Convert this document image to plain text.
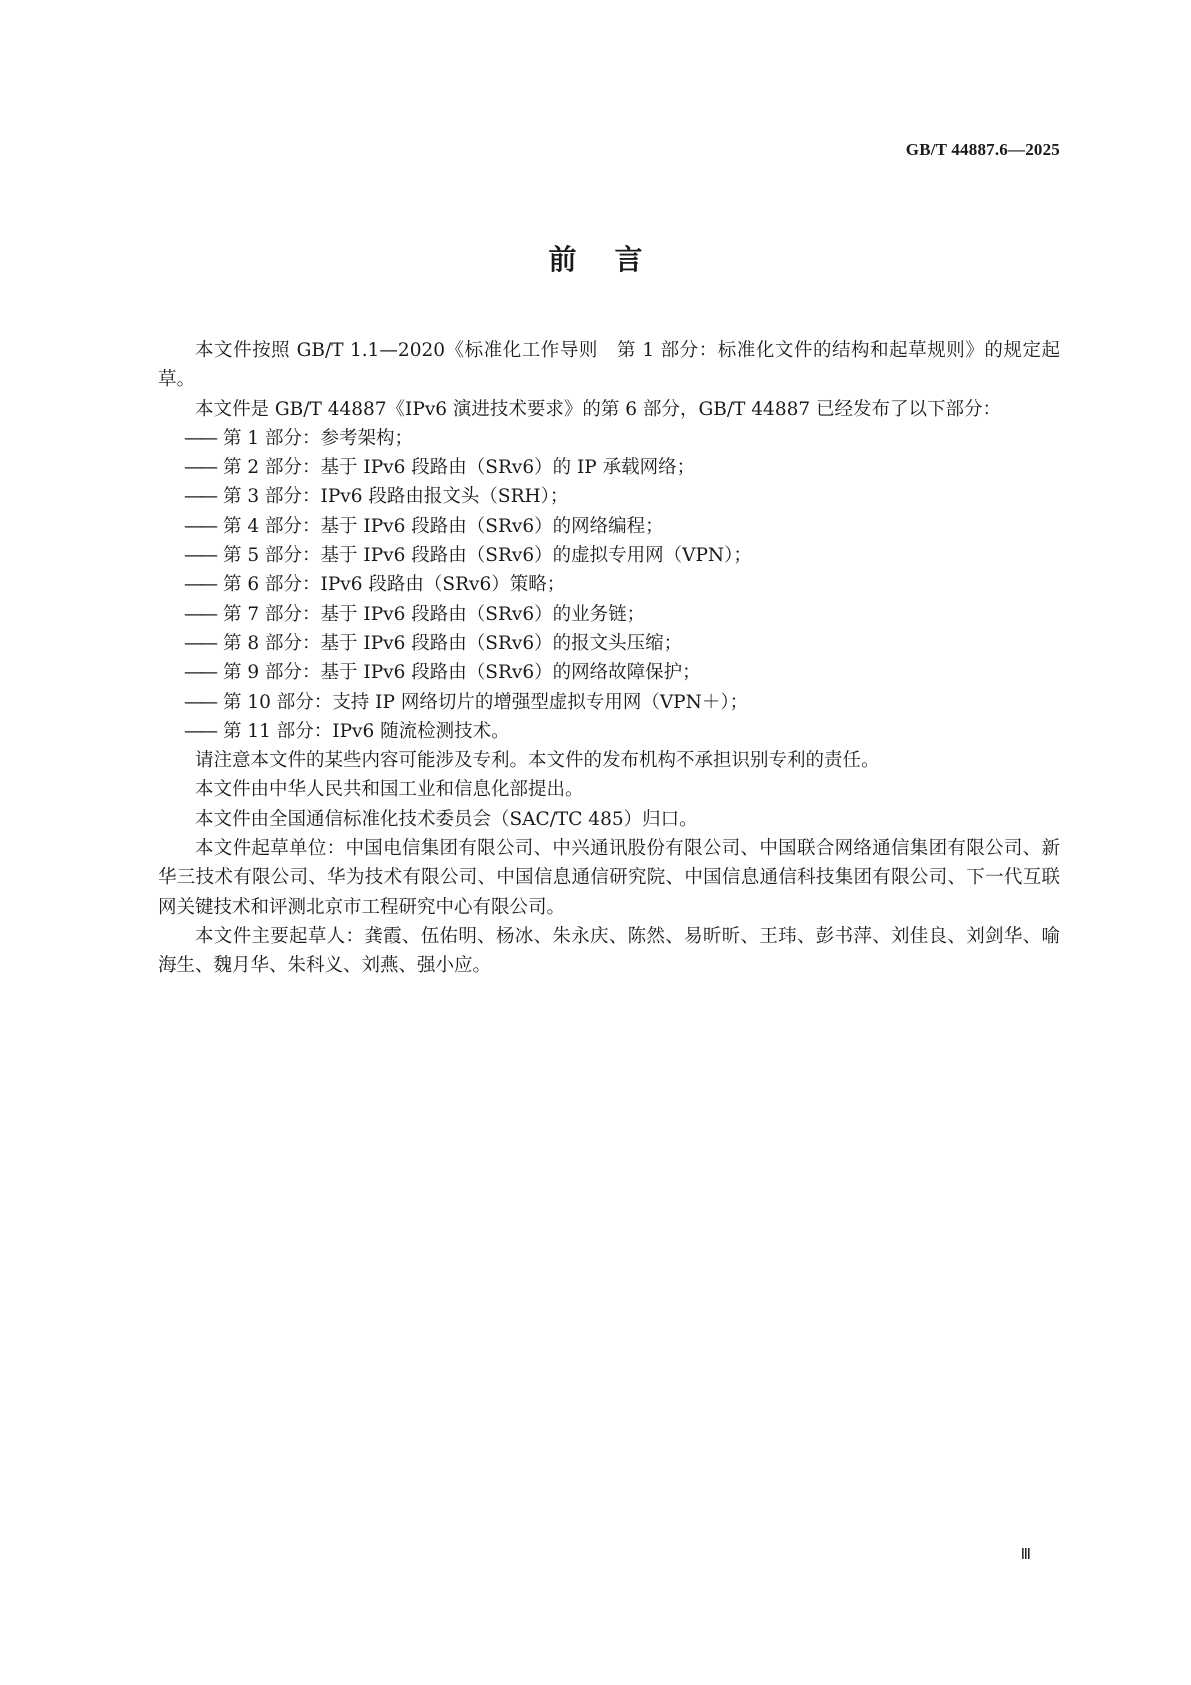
GB/T 44887.6—2025
前言

本文件按照 GB/T 1.1—2020《标准化工作导则　第 1 部分：标准化文件的结构和起草规则》的规定起草。

本文件是 GB/T 44887《IPv6 演进技术要求》的第 6 部分，GB/T 44887 已经发布了以下部分：

—— 第 1 部分：参考架构；

—— 第 2 部分：基于 IPv6 段路由（SRv6）的 IP 承载网络；

—— 第 3 部分：IPv6 段路由报文头（SRH）；

—— 第 4 部分：基于 IPv6 段路由（SRv6）的网络编程；

—— 第 5 部分：基于 IPv6 段路由（SRv6）的虚拟专用网（VPN）；

—— 第 6 部分：IPv6 段路由（SRv6）策略；

—— 第 7 部分：基于 IPv6 段路由（SRv6）的业务链；

—— 第 8 部分：基于 IPv6 段路由（SRv6）的报文头压缩；

—— 第 9 部分：基于 IPv6 段路由（SRv6）的网络故障保护；

—— 第 10 部分：支持 IP 网络切片的增强型虚拟专用网（VPN＋）；

—— 第 11 部分：IPv6 随流检测技术。

请注意本文件的某些内容可能涉及专利。本文件的发布机构不承担识别专利的责任。

本文件由中华人民共和国工业和信息化部提出。

本文件由全国通信标准化技术委员会（SAC/TC 485）归口。

本文件起草单位：中国电信集团有限公司、中兴通讯股份有限公司、中国联合网络通信集团有限公司、新华三技术有限公司、华为技术有限公司、中国信息通信研究院、中国信息通信科技集团有限公司、下一代互联网关键技术和评测北京市工程研究中心有限公司。

本文件主要起草人：龚霞、伍佑明、杨冰、朱永庆、陈然、易昕昕、王玮、彭书萍、刘佳良、刘剑华、喻海生、魏月华、朱科义、刘燕、强小应。

Ⅲ
